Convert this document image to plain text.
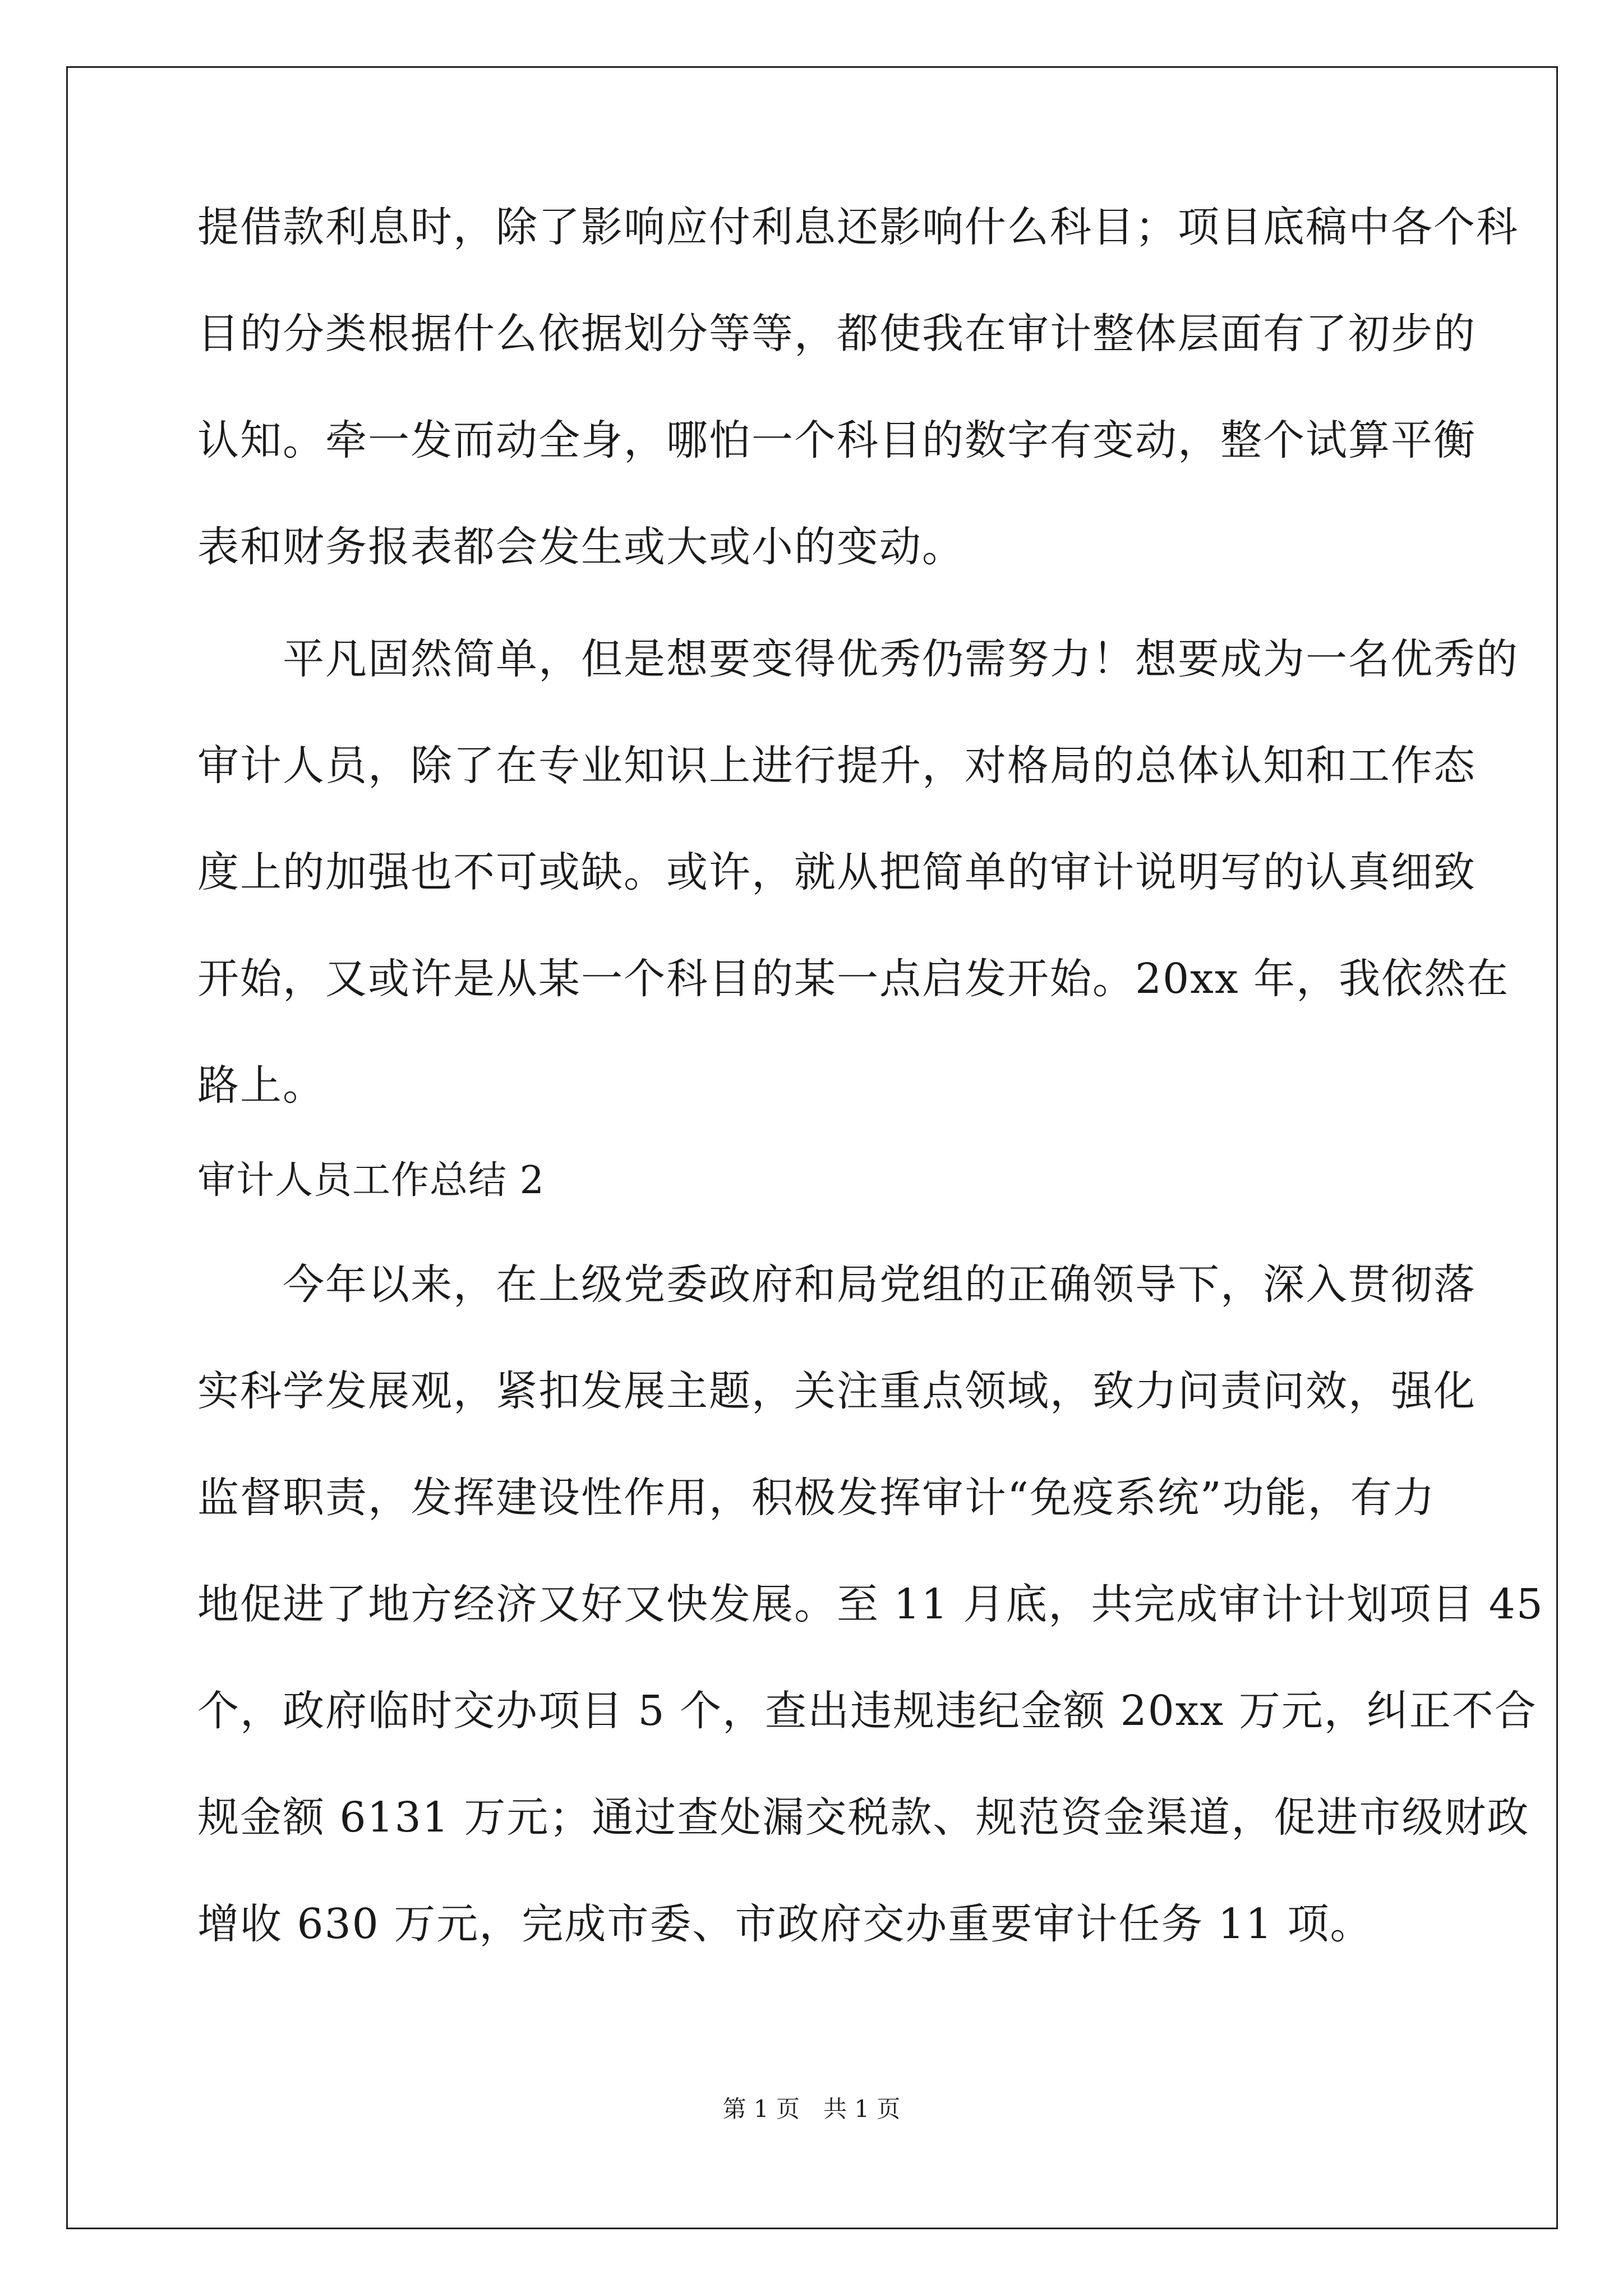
提借款利息时，除了影响应付利息还影响什么科目；项目底稿中各个科
目的分类根据什么依据划分等等，都使我在审计整体层面有了初步的
认知。牵一发而动全身，哪怕一个科目的数字有变动，整个试算平衡
表和财务报表都会发生或大或小的变动。
　　平凡固然简单，但是想要变得优秀仍需努力！想要成为一名优秀的
审计人员，除了在专业知识上进行提升，对格局的总体认知和工作态
度上的加强也不可或缺。或许，就从把简单的审计说明写的认真细致
开始，又或许是从某一个科目的某一点启发开始。20xx 年，我依然在
路上。
审计人员工作总结 2
　　今年以来，在上级党委政府和局党组的正确领导下，深入贯彻落
实科学发展观，紧扣发展主题，关注重点领域，致力问责问效，强化
监督职责，发挥建设性作用，积极发挥审计“免疫系统”功能，有力
地促进了地方经济又好又快发展。至 11 月底，共完成审计计划项目 45
个，政府临时交办项目 5 个，查出违规违纪金额 20xx 万元，纠正不合
规金额 6131 万元；通过查处漏交税款、规范资金渠道，促进市级财政
增收 630 万元，完成市委、市政府交办重要审计任务 11 项。
第 1 页　共 1 页
